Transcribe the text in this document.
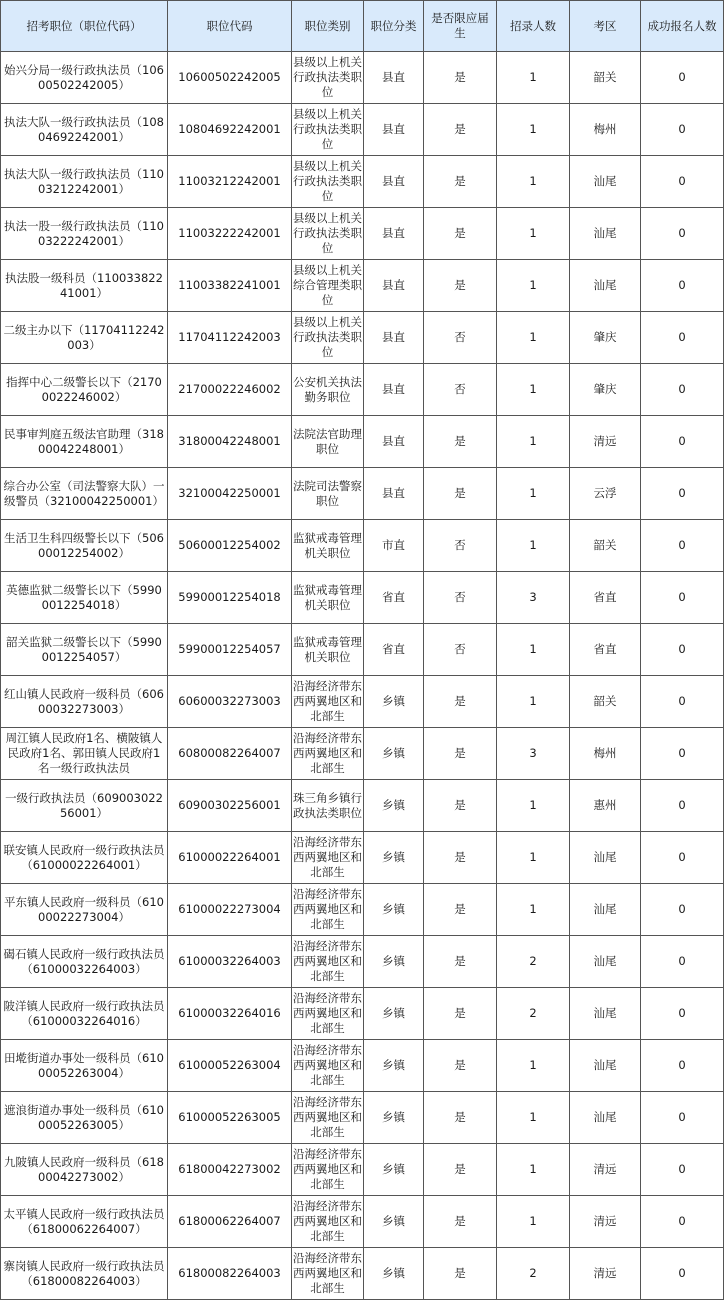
招考职位（职位代码）	职位代码	职位类别	职位分类	是否限应届生	招录人数	考区	成功报名人数

始兴分局一级行政执法员（10600502242005）	10600502242005	县级以上机关行政执法类职位	县直	是	1	韶关	0

执法大队一级行政执法员（10804692242001）	10804692242001	县级以上机关行政执法类职位	县直	是	1	梅州	0

执法大队一级行政执法员（11003212242001）	11003212242001	县级以上机关行政执法类职位	县直	是	1	汕尾	0

执法一股一级行政执法员（11003222242001）	11003222242001	县级以上机关行政执法类职位	县直	是	1	汕尾	0

执法股一级科员（11003382241001）	11003382241001	县级以上机关综合管理类职位	县直	是	1	汕尾	0

二级主办以下（11704112242003）	11704112242003	县级以上机关行政执法类职位	县直	否	1	肇庆	0

指挥中心二级警长以下（21700022246002）	21700022246002	公安机关执法勤务职位	县直	否	1	肇庆	0

民事审判庭五级法官助理（31800042248001）	31800042248001	法院法官助理职位	县直	是	1	清远	0

综合办公室（司法警察大队）一级警员（32100042250001）	32100042250001	法院司法警察职位	县直	是	1	云浮	0

生活卫生科四级警长以下（50600012254002）	50600012254002	监狱戒毒管理机关职位	市直	否	1	韶关	0

英德监狱二级警长以下（59900012254018）	59900012254018	监狱戒毒管理机关职位	省直	否	3	省直	0

韶关监狱二级警长以下（59900012254057）	59900012254057	监狱戒毒管理机关职位	省直	否	1	省直	0

红山镇人民政府一级科员（60600032273003）	60600032273003	沿海经济带东西两翼地区和北部生	乡镇	是	1	韶关	0

周江镇人民政府1名、横陂镇人民政府1名、郭田镇人民政府1名一级行政执法员	60800082264007	沿海经济带东西两翼地区和北部生	乡镇	是	3	梅州	0

一级行政执法员（60900302256001）	60900302256001	珠三角乡镇行政执法类职位	乡镇	是	1	惠州	0

联安镇人民政府一级行政执法员（61000022264001）	61000022264001	沿海经济带东西两翼地区和北部生	乡镇	是	1	汕尾	0

平东镇人民政府一级科员（61000022273004）	61000022273004	沿海经济带东西两翼地区和北部生	乡镇	是	1	汕尾	0

碣石镇人民政府一级行政执法员（61000032264003）	61000032264003	沿海经济带东西两翼地区和北部生	乡镇	是	2	汕尾	0

陂洋镇人民政府一级行政执法员（61000032264016）	61000032264016	沿海经济带东西两翼地区和北部生	乡镇	是	2	汕尾	0

田墘街道办事处一级科员（61000052263004）	61000052263004	沿海经济带东西两翼地区和北部生	乡镇	是	1	汕尾	0

遮浪街道办事处一级科员（61000052263005）	61000052263005	沿海经济带东西两翼地区和北部生	乡镇	是	1	汕尾	0

九陂镇人民政府一级科员（61800042273002）	61800042273002	沿海经济带东西两翼地区和北部生	乡镇	是	1	清远	0

太平镇人民政府一级行政执法员（61800062264007）	61800062264007	沿海经济带东西两翼地区和北部生	乡镇	是	1	清远	0

寨岗镇人民政府一级行政执法员（61800082264003）	61800082264003	沿海经济带东西两翼地区和北部生	乡镇	是	2	清远	0
